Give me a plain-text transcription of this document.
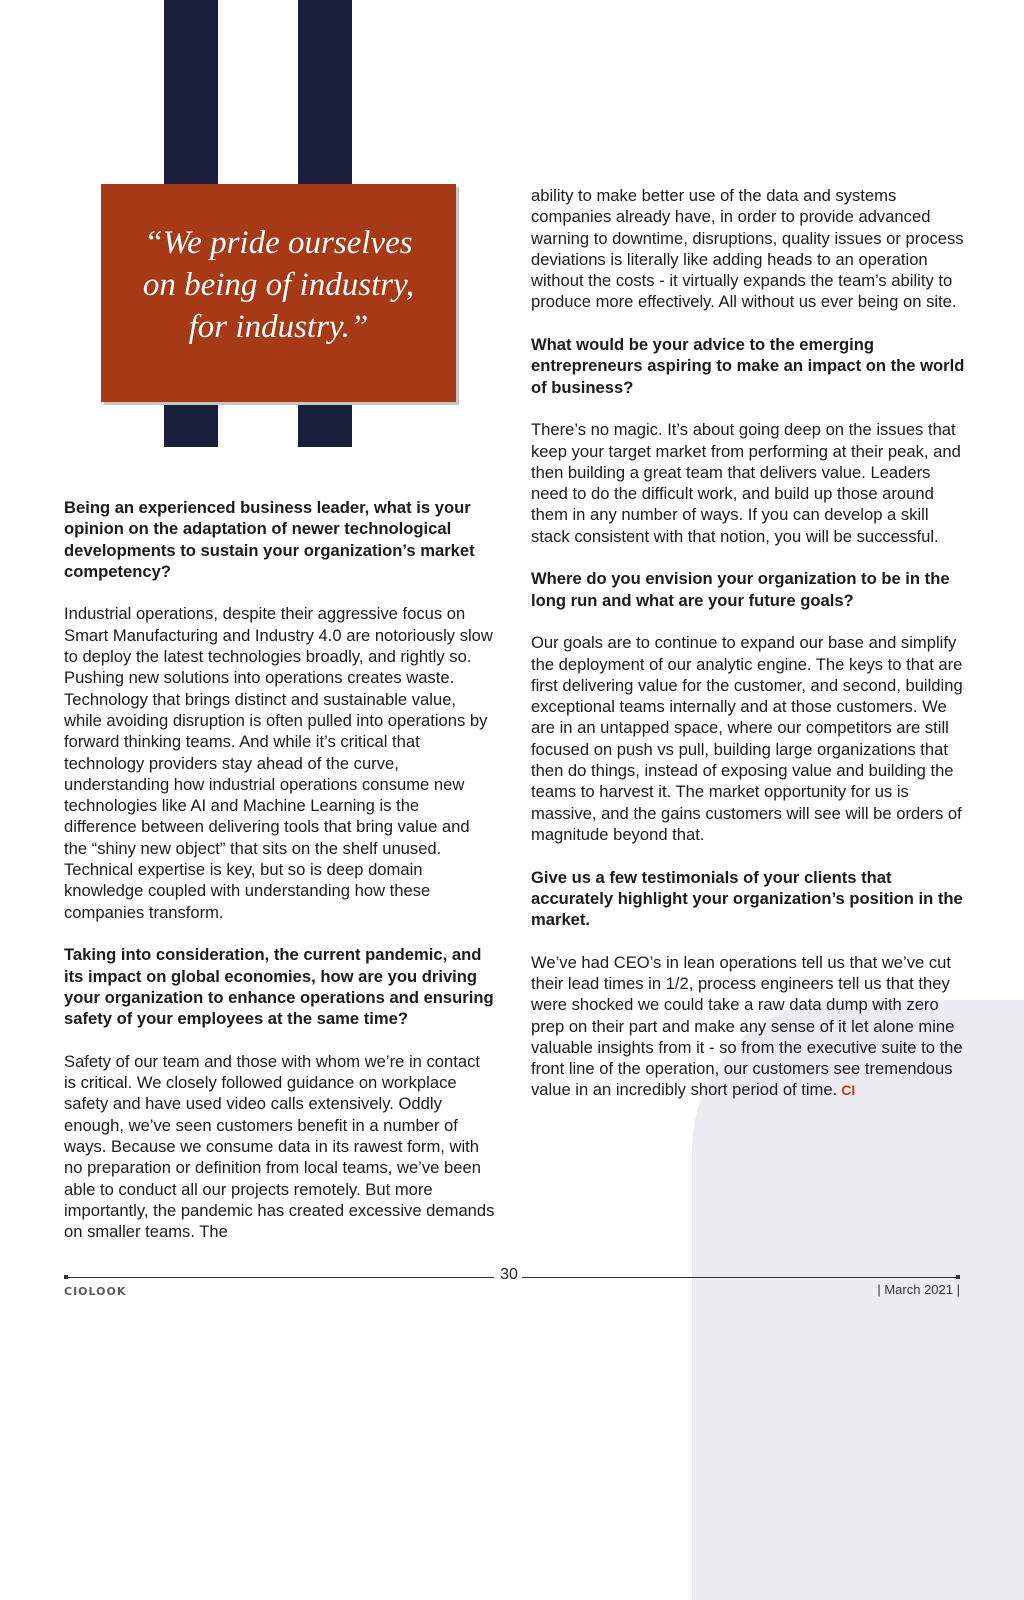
“We pride ourselves
on being of industry,
for industry.”

Being an experienced business leader, what is your opinion on the adaptation of newer technological developments to sustain your organization’s market competency?

Industrial operations, despite their aggressive focus on Smart Manufacturing and Industry 4.0 are notoriously slow to deploy the latest technologies broadly, and rightly so. Pushing new solutions into operations creates waste. Technology that brings distinct and sustainable value, while avoiding disruption is often pulled into operations by forward thinking teams. And while it’s critical that technology providers stay ahead of the curve, understanding how industrial operations consume new technologies like AI and Machine Learning is the difference between delivering tools that bring value and the “shiny new object” that sits on the shelf unused. Technical expertise is key, but so is deep domain knowledge coupled with understanding how these companies transform.

Taking into consideration, the current pandemic, and its impact on global economies, how are you driving your organization to enhance operations and ensuring safety of your employees at the same time?

Safety of our team and those with whom we’re in contact is critical. We closely followed guidance on workplace safety and have used video calls extensively. Oddly enough, we’ve seen customers benefit in a number of ways. Because we consume data in its rawest form, with no preparation or definition from local teams, we’ve been able to conduct all our projects remotely. But more importantly, the pandemic has created excessive demands on smaller teams. The

ability to make better use of the data and systems companies already have, in order to provide advanced warning to downtime, disruptions, quality issues or process deviations is literally like adding heads to an operation without the costs - it virtually expands the team’s ability to produce more effectively. All without us ever being on site.

What would be your advice to the emerging entrepreneurs aspiring to make an impact on the world of business?

There’s no magic. It’s about going deep on the issues that keep your target market from performing at their peak, and then building a great team that delivers value. Leaders need to do the difficult work, and build up those around them in any number of ways. If you can develop a skill stack consistent with that notion, you will be successful.

Where do you envision your organization to be in the long run and what are your future goals?

Our goals are to continue to expand our base and simplify the deployment of our analytic engine. The keys to that are first delivering value for the customer, and second, building exceptional teams internally and at those customers. We are in an untapped space, where our competitors are still focused on push vs pull, building large organizations that then do things, instead of exposing value and building the teams to harvest it. The market opportunity for us is massive, and the gains customers will see will be orders of magnitude beyond that.

Give us a few testimonials of your clients that accurately highlight your organization’s position in the market.

We’ve had CEO’s in lean operations tell us that we’ve cut their lead times in 1/2, process engineers tell us that they were shocked we could take a raw data dump with zero prep on their part and make any sense of it let alone mine valuable insights from it - so from the executive suite to the front line of the operation, our customers see tremendous value in an incredibly short period of time. CI

30
CIOLOOK	| March 2021 |
